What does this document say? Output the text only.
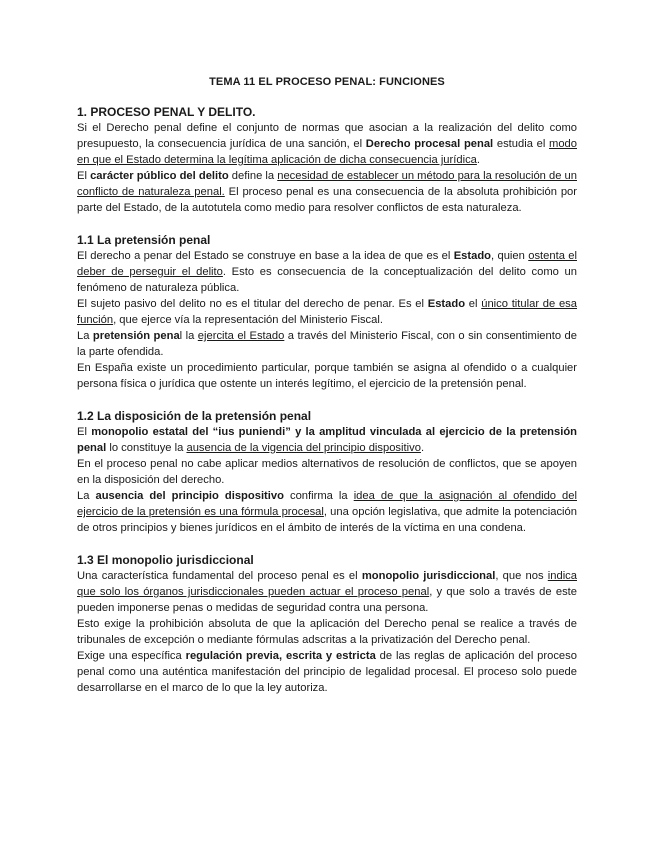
TEMA 11 EL PROCESO PENAL: FUNCIONES
1. PROCESO PENAL Y DELITO.

Si el Derecho penal define el conjunto de normas que asocian a la realización del delito como presupuesto, la consecuencia jurídica de una sanción, el Derecho procesal penal estudia el modo en que el Estado determina la legítima aplicación de dicha consecuencia jurídica.

El carácter público del delito define la necesidad de establecer un método para la resolución de un conflicto de naturaleza penal. El proceso penal es una consecuencia de la absoluta prohibición por parte del Estado, de la autotutela como medio para resolver conflictos de esta naturaleza.

1.1 La pretensión penal

El derecho a penar del Estado se construye en base a la idea de que es el Estado, quien ostenta el deber de perseguir el delito. Esto es consecuencia de la conceptualización del delito como un fenómeno de naturaleza pública.

El sujeto pasivo del delito no es el titular del derecho de penar. Es el Estado el único titular de esa función, que ejerce vía la representación del Ministerio Fiscal.

La pretensión penal la ejercita el Estado a través del Ministerio Fiscal, con o sin consentimiento de la parte ofendida.

En España existe un procedimiento particular, porque también se asigna al ofendido o a cualquier persona física o jurídica que ostente un interés legítimo, el ejercicio de la pretensión penal.

1.2 La disposición de la pretensión penal

El monopolio estatal del “ius puniendi” y la amplitud vinculada al ejercicio de la pretensión penal lo constituye la ausencia de la vigencia del principio dispositivo.

En el proceso penal no cabe aplicar medios alternativos de resolución de conflictos, que se apoyen en la disposición del derecho.

La ausencia del principio dispositivo confirma la idea de que la asignación al ofendido del ejercicio de la pretensión es una fórmula procesal, una opción legislativa, que admite la potenciación de otros principios y bienes jurídicos en el ámbito de interés de la víctima en una condena.

1.3 El monopolio jurisdiccional

Una característica fundamental del proceso penal es el monopolio jurisdiccional, que nos indica que solo los órganos jurisdiccionales pueden actuar el proceso penal, y que solo a través de este pueden imponerse penas o medidas de seguridad contra una persona.

Esto exige la prohibición absoluta de que la aplicación del Derecho penal se realice a través de tribunales de excepción o mediante fórmulas adscritas a la privatización del Derecho penal.

Exige una específica regulación previa, escrita y estricta de las reglas de aplicación del proceso penal como una auténtica manifestación del principio de legalidad procesal. El proceso solo puede desarrollarse en el marco de lo que la ley autoriza.
